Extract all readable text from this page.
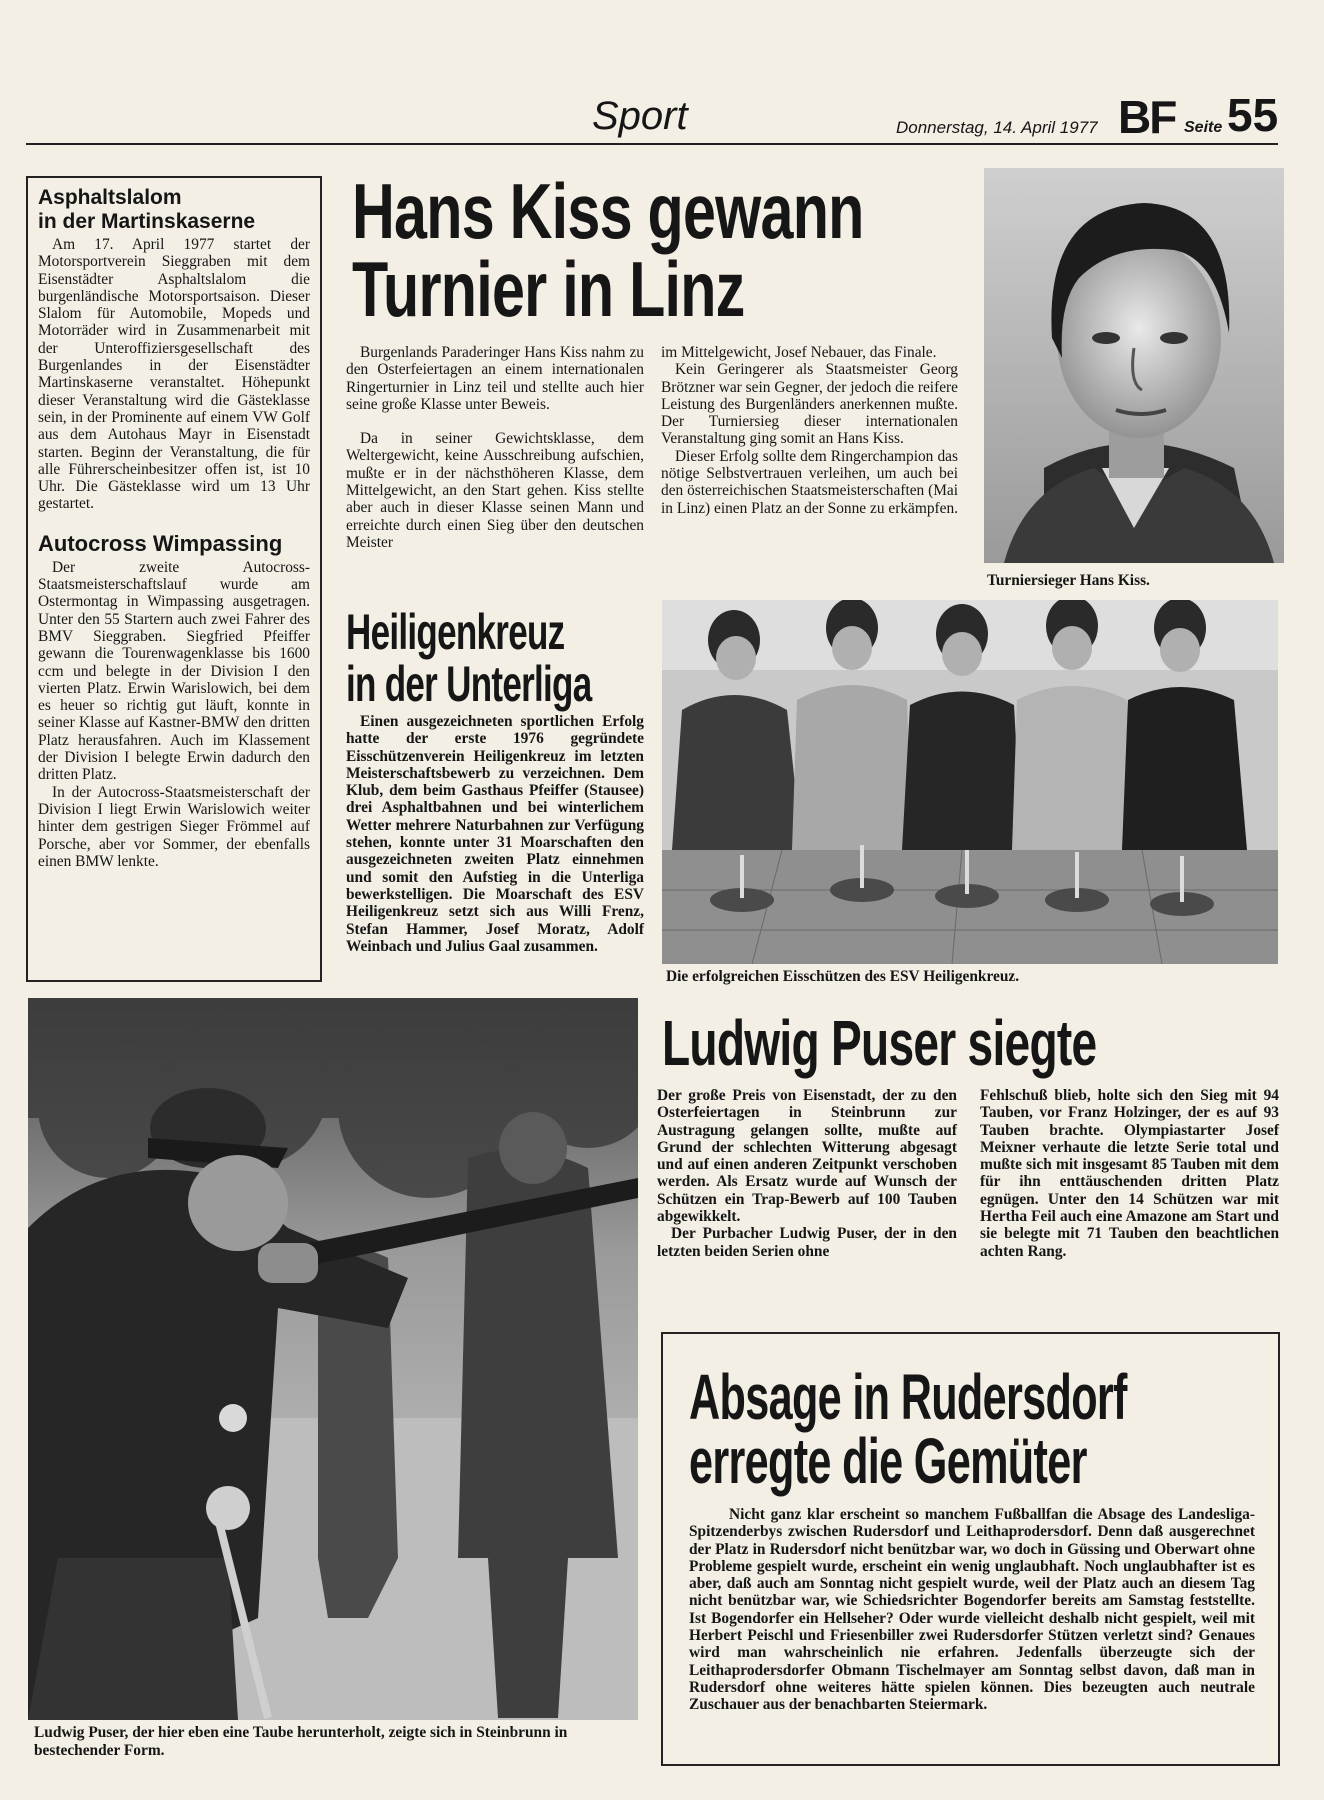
Sport	Donnerstag, 14. April 1977 BF Seite 55
Asphaltslalom
in der Martinskaserne

Am 17. April 1977 startet der Motorsportverein Sieggraben mit dem Eisenstädter Asphaltslalom die burgenländische Motorsportsaison. Dieser Slalom für Automobile, Mopeds und Motorräder wird in Zusammenarbeit mit der Unteroffiziersgesellschaft des Burgenlandes in der Eisenstädter Martinskaserne veranstaltet. Höhepunkt dieser Veranstaltung wird die Gästeklasse sein, in der Prominente auf einem VW Golf aus dem Autohaus Mayr in Eisenstadt starten. Beginn der Veranstaltung, die für alle Führerscheinbesitzer offen ist, ist 10 Uhr. Die Gästeklasse wird um 13 Uhr gestartet.

Autocross Wimpassing

Der zweite Autocross-Staatsmeisterschaftslauf wurde am Ostermontag in Wimpassing ausgetragen. Unter den 55 Startern auch zwei Fahrer des BMV Sieggraben. Siegfried Pfeiffer gewann die Tourenwagenklasse bis 1600 ccm und belegte in der Division I den vierten Platz. Erwin Warislowich, bei dem es heuer so richtig gut läuft, konnte in seiner Klasse auf Kastner-BMW den dritten Platz herausfahren. Auch im Klassement der Division I belegte Erwin dadurch den dritten Platz.

In der Autocross-Staatsmeisterschaft der Division I liegt Erwin Warislowich weiter hinter dem gestrigen Sieger Frömmel auf Porsche, aber vor Sommer, der ebenfalls einen BMW lenkte.

Hans Kiss gewann
Turnier in Linz

Burgenlands Paraderinger Hans Kiss nahm zu den Osterfeiertagen an einem internationalen Ringerturnier in Linz teil und stellte auch hier seine große Klasse unter Beweis.

Da in seiner Gewichtsklasse, dem Weltergewicht, keine Ausschreibung aufschien, mußte er in der nächsthöheren Klasse, dem Mittelgewicht, an den Start gehen. Kiss stellte aber auch in dieser Klasse seinen Mann und erreichte durch einen Sieg über den deutschen Meister

im Mittelgewicht, Josef Nebauer, das Finale.

Kein Geringerer als Staatsmeister Georg Brötzner war sein Gegner, der jedoch die reifere Leistung des Burgenländers anerkennen mußte. Der Turniersieg dieser internationalen Veranstaltung ging somit an Hans Kiss.

Dieser Erfolg sollte dem Ringerchampion das nötige Selbstvertrauen verleihen, um auch bei den österreichischen Staatsmeisterschaften (Mai in Linz) einen Platz an der Sonne zu erkämpfen.

Turniersieger Hans Kiss.
Heiligenkreuz
in der Unterliga

Einen ausgezeichneten sportlichen Erfolg hatte der erste 1976 gegründete Eisschützenverein Heiligenkreuz im letzten Meisterschaftsbewerb zu verzeichnen. Dem Klub, dem beim Gasthaus Pfeiffer (Stausee) drei Asphaltbahnen und bei winterlichem Wetter mehrere Naturbahnen zur Verfügung stehen, konnte unter 31 Moarschaften den ausgezeichneten zweiten Platz einnehmen und somit den Aufstieg in die Unterliga bewerkstelligen. Die Moarschaft des ESV Heiligenkreuz setzt sich aus Willi Frenz, Stefan Hammer, Josef Moratz, Adolf Weinbach und Julius Gaal zusammen.

Die erfolgreichen Eisschützen des ESV Heiligenkreuz.
Ludwig Puser siegte

Der große Preis von Eisenstadt, der zu den Osterfeiertagen in Steinbrunn zur Austragung gelangen sollte, mußte auf Grund der schlechten Witterung abgesagt und auf einen anderen Zeitpunkt verschoben werden. Als Ersatz wurde auf Wunsch der Schützen ein Trap-Bewerb auf 100 Tauben abgewikkelt.

Der Purbacher Ludwig Puser, der in den letzten beiden Serien ohne

Fehlschuß blieb, holte sich den Sieg mit 94 Tauben, vor Franz Holzinger, der es auf 93 Tauben brachte. Olympiastarter Josef Meixner verhaute die letzte Serie total und mußte sich mit insgesamt 85 Tauben mit dem für ihn enttäuschenden dritten Platz egnügen. Unter den 14 Schützen war mit Hertha Feil auch eine Amazone am Start und sie belegte mit 71 Tauben den beachtlichen achten Rang.

Ludwig Puser, der hier eben eine Taube herunterholt, zeigte sich in Steinbrunn in bestechender Form.
Absage in Rudersdorf
erregte die Gemüter

Nicht ganz klar erscheint so manchem Fußballfan die Absage des Landesliga-Spitzenderbys zwischen Rudersdorf und Leithaprodersdorf. Denn daß ausgerechnet der Platz in Rudersdorf nicht benützbar war, wo doch in Güssing und Oberwart ohne Probleme gespielt wurde, erscheint ein wenig unglaubhaft. Noch unglaubhafter ist es aber, daß auch am Sonntag nicht gespielt wurde, weil der Platz auch an diesem Tag nicht benützbar war, wie Schiedsrichter Bogendorfer bereits am Samstag feststellte. Ist Bogendorfer ein Hellseher? Oder wurde vielleicht deshalb nicht gespielt, weil mit Herbert Peischl und Friesenbiller zwei Rudersdorfer Stützen verletzt sind? Genaues wird man wahrscheinlich nie erfahren. Jedenfalls überzeugte sich der Leithaprodersdorfer Obmann Tischelmayer am Sonntag selbst davon, daß man in Rudersdorf ohne weiteres hätte spielen können. Dies bezeugten auch neutrale Zuschauer aus der benachbarten Steiermark.
